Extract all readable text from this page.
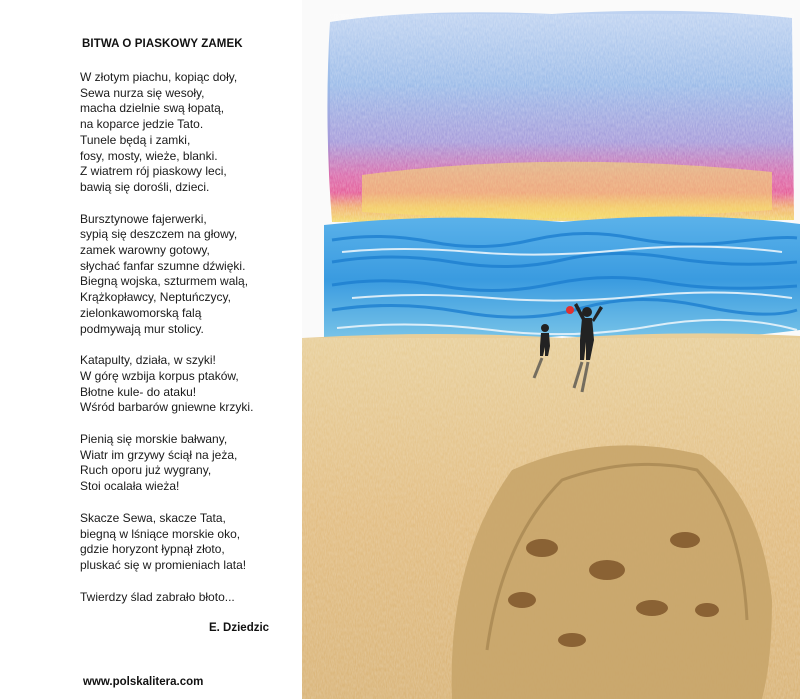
BITWA O PIASKOWY ZAMEK
W złotym piachu, kopiąc doły,
Sewa nurza się wesoły,
macha dzielnie swą łopatą,
na koparce jedzie Tato.
Tunele będą i zamki,
fosy, mosty, wieże, blanki.
Z wiatrem rój piaskowy leci,
bawią się dorośli, dzieci.
Bursztynowe fajerwerki,
sypią się deszczem na głowy,
zamek warowny gotowy,
słychać fanfar szumne dźwięki.
Biegną wojska, szturmem walą,
Krążkopławcy, Neptuńczycy,
zielonkawomorską falą
podmywają mur stolicy.
Katapulty, działa, w szyki!
W górę wzbija korpus ptaków,
Błotne kule- do ataku!
Wśród barbarów gniewne krzyki.
Pienią się morskie bałwany,
Wiatr im grzywy ściął na jeża,
Ruch oporu już wygrany,
Stoi ocalała wieża!
Skacze Sewa, skacze Tata,
biegną w lśniące morskie oko,
gdzie horyzont łypnął złoto,
pluskać się w promieniach lata!
Twierdzy ślad zabrało błoto...
E. Dziedzic
www.polskalitera.com
